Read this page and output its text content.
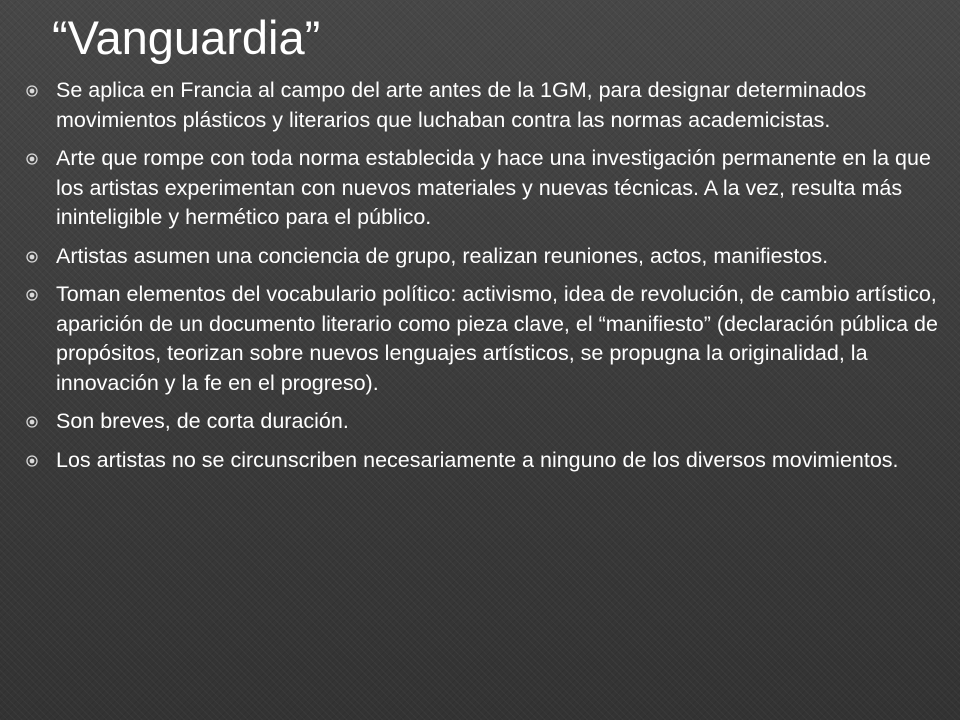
“Vanguardia”
Se aplica en Francia al campo del arte antes de la 1GM, para designar determinados movimientos plásticos y literarios que luchaban contra las normas academicistas.
Arte que rompe con toda norma establecida y hace una investigación permanente en la que los artistas experimentan con nuevos materiales y nuevas técnicas. A la vez, resulta más ininteligible y hermético para el público.
Artistas asumen una conciencia de grupo, realizan reuniones, actos, manifiestos.
Toman elementos del vocabulario político: activismo, idea de revolución, de cambio artístico, aparición de un documento literario como pieza clave, el “manifiesto” (declaración pública de propósitos, teorizan sobre nuevos lenguajes artísticos, se propugna la originalidad, la innovación y la fe en el progreso).
Son breves, de corta duración.
Los artistas no se circunscriben necesariamente a ninguno de los diversos movimientos.
